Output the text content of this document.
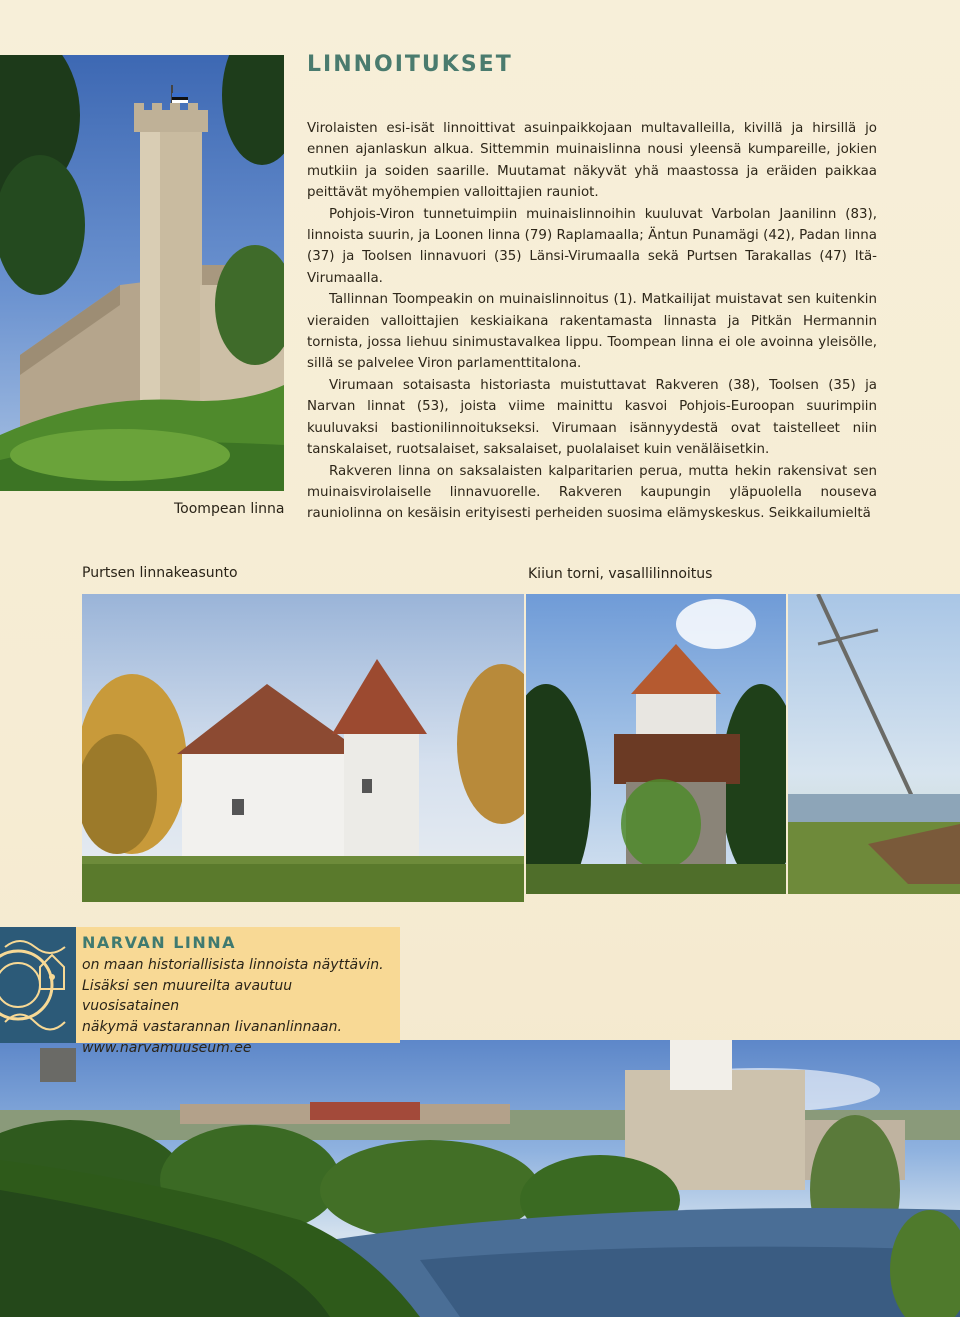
Toompean linna
LINNOITUKSET

Virolaisten esi-isät linnoittivat asuinpaikkojaan multavalleilla, kivillä ja hirsillä jo ennen ajanlaskun alkua. Sittemmin muinaislinna nousi yleensä kumpareille, jokien mutkiin ja soiden saarille. Muutamat näkyvät yhä maastossa ja eräiden paikkaa peittävät myöhempien valloittajien rauniot.

Pohjois-Viron tunnetuimpiin muinaislinnoihin kuuluvat Varbolan Jaanilinn (83), linnoista suurin, ja Loonen linna (79) Raplamaalla; Äntun Punamägi (42), Padan linna (37) ja Toolsen linnavuori (35) Länsi-Virumaalla sekä Purtsen Tarakallas (47) Itä-Virumaalla.

Tallinnan Toompeakin on muinaislinnoitus (1). Matkailijat muistavat sen kuitenkin vieraiden valloittajien keskiaikana rakentamasta linnasta ja Pitkän Hermannin tornista, jossa liehuu sinimustavalkea lippu. Toompean linna ei ole avoinna yleisölle, sillä se palvelee Viron parlamenttitalona.

Virumaan sotaisasta historiasta muistuttavat Rakveren (38), Toolsen (35) ja Narvan linnat (53), joista viime mainittu kasvoi Pohjois-Euroopan suurimpiin kuuluvaksi bastionilinnoitukseksi. Virumaan isännyydestä ovat taistelleet niin tanskalaiset, ruotsalaiset, saksalaiset, puolalaiset kuin venäläisetkin.

Rakveren linna on saksalaisten kalparitarien perua, mutta hekin rakensivat sen muinaisvirolaiselle linnavuorelle. Rakveren kaupungin yläpuolella nouseva rauniolinna on kesäisin erityisesti perheiden suosima elämyskeskus. Seikkailumieltä

Purtsen linnakeasunto	Kiiun torni, vasallilinnoitus
NARVAN LINNA
on maan historiallisista linnoista näyttävin.
Lisäksi sen muureilta avautuu vuosisatainen
näkymä vastarannan Iivananlinnaan.
www.narvamuuseum.ee
